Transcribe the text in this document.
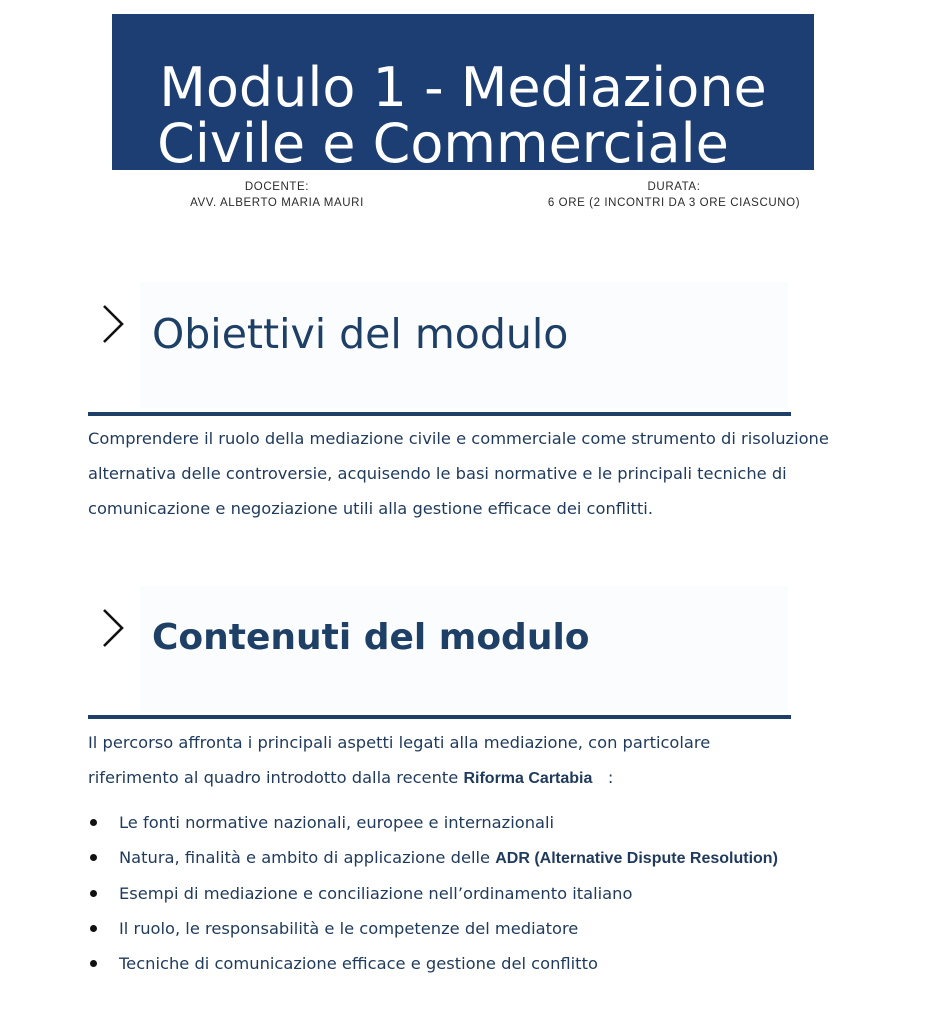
Modulo 1 - Mediazione
Civile e Commerciale
DOCENTE:
AVV. ALBERTO MARIA MAURI
DURATA:
6 ORE (2 INCONTRI DA 3 ORE CIASCUNO)
Obiettivi del modulo
Comprendere il ruolo della mediazione civile e commerciale come strumento di risoluzione alternativa delle controversie, acquisendo le basi normative e le principali tecniche di comunicazione e negoziazione utili alla gestione efficace dei conflitti.
Contenuti del modulo
Il percorso affronta i principali aspetti legati alla mediazione, con particolare riferimento al quadro introdotto dalla recente Riforma Cartabia   :
Le fonti normative nazionali, europee e internazionali
Natura, finalità e ambito di applicazione delle ADR (Alternative Dispute Resolution)
Esempi di mediazione e conciliazione nell’ordinamento italiano
Il ruolo, le responsabilità e le competenze del mediatore
Tecniche di comunicazione efficace e gestione del conflitto
